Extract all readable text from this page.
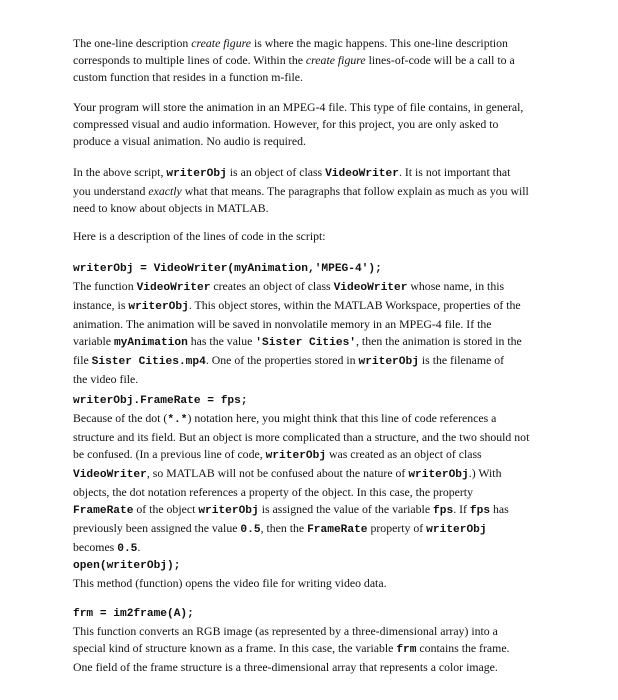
The one-line description create figure is where the magic happens. This one-line description
corresponds to multiple lines of code. Within the create figure lines-of-code will be a call to a
custom function that resides in a function m-file.

Your program will store the animation in an MPEG-4 file. This type of file contains, in general,
compressed visual and audio information. However, for this project, you are only asked to
produce a visual animation. No audio is required.

In the above script, writerObj is an object of class VideoWriter. It is not important that
you understand exactly what that means. The paragraphs that follow explain as much as you will
need to know about objects in MATLAB.

Here is a description of the lines of code in the script:

writerObj = VideoWriter(myAnimation,'MPEG-4');
The function VideoWriter creates an object of class VideoWriter whose name, in this
instance, is writerObj. This object stores, within the MATLAB Workspace, properties of the
animation. The animation will be saved in nonvolatile memory in an MPEG-4 file. If the
variable myAnimation has the value 'Sister Cities', then the animation is stored in the
file Sister Cities.mp4. One of the properties stored in writerObj is the filename of
the video file.

writerObj.FrameRate = fps;
Because of the dot (*.*) notation here, you might think that this line of code references a
structure and its field. But an object is more complicated than a structure, and the two should not
be confused. (In a previous line of code, writerObj was created as an object of class
VideoWriter, so MATLAB will not be confused about the nature of writerObj.) With
objects, the dot notation references a property of the object. In this case, the property
FrameRate of the object writerObj is assigned the value of the variable fps. If fps has
previously been assigned the value 0.5, then the FrameRate property of writerObj
becomes 0.5.

open(writerObj);
This method (function) opens the video file for writing video data.

frm = im2frame(A);
This function converts an RGB image (as represented by a three-dimensional array) into a
special kind of structure known as a frame. In this case, the variable frm contains the frame.
One field of the frame structure is a three-dimensional array that represents a color image.
